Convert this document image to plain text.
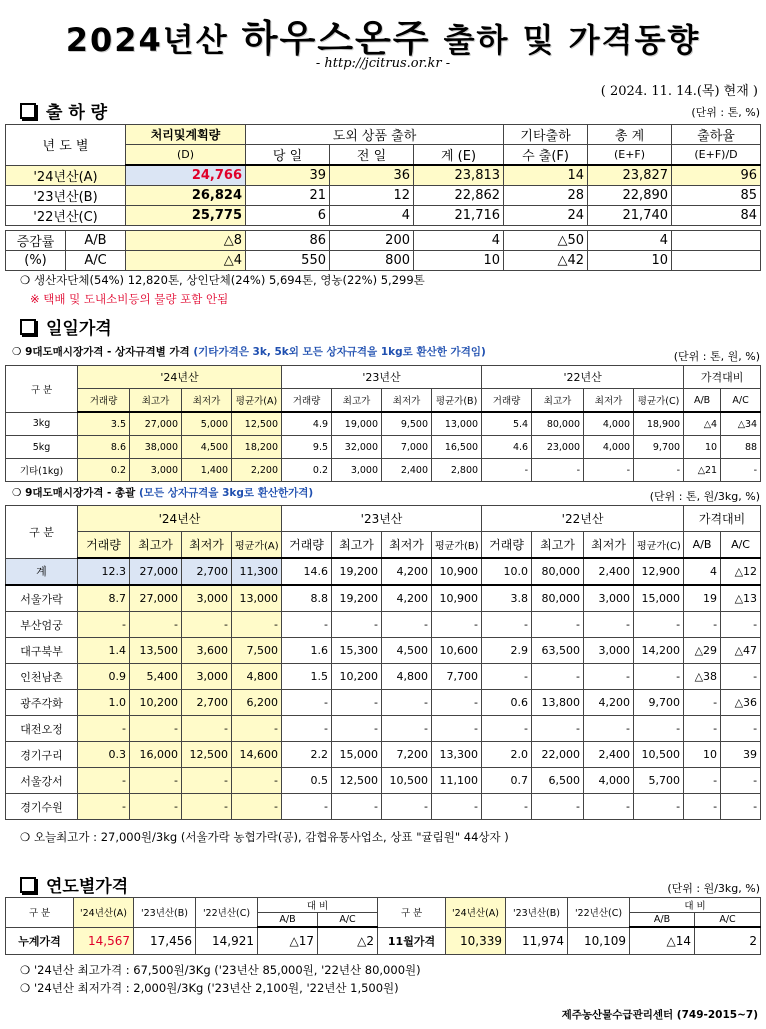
2024년산 하우스온주 출하 및 가격동향
- http://jcitrus.or.kr -
( 2024. 11. 14.(목) 현재 )
출 하 량	(단위 : 톤, %)
년 도 별	처리및계획량	도외 상품 출하			기타출하	총 계	출하율
	(D)	당 일	전 일	계 (E)	수 출(F)	(E+F)	(E+F)/D
'24년산(A)	24,766	39	36	23,813	14	23,827	96
'23년산(B)	26,824	21	12	22,862	28	22,890	85
'22년산(C)	25,775	6	4	21,716	24	21,740	84
증감률	A/B	△8	86	200	4	△50	4	
(%)	A/C	△4	550	800	10	△42	10	
❍ 생산자단체(54%) 12,820톤, 상인단체(24%) 5,694톤, 영농(22%) 5,299톤
※ 택배 및 도내소비등의 물량 포함 안됨
일일가격
❍ 9대도매시장가격 - 상자규격별 가격 (기타가격은 3k, 5k외 모든 상자규격을 1kg로 환산한 가격임)	(단위 : 톤, 원, %)
구 분	'24년산				'23년산				'22년산				가격대비	
	거래량	최고가	최저가	평균가(A)	거래량	최고가	최저가	평균가(B)	거래량	최고가	최저가	평균가(C)	A/B	A/C
3kg	3.5	27,000	5,000	12,500	4.9	19,000	9,500	13,000	5.4	80,000	4,000	18,900	△4	△34
5kg	8.6	38,000	4,500	18,200	9.5	32,000	7,000	16,500	4.6	23,000	4,000	9,700	10	88
기타(1kg)	0.2	3,000	1,400	2,200	0.2	3,000	2,400	2,800	-	-	-	-	△21	-
❍ 9대도매시장가격 - 총괄 (모든 상자규격을 3kg로 환산한가격)	(단위 : 톤, 원/3kg, %)
구 분	'24년산				'23년산				'22년산				가격대비	
	거래량	최고가	최저가	평균가(A)	거래량	최고가	최저가	평균가(B)	거래량	최고가	최저가	평균가(C)	A/B	A/C
계	12.3	27,000	2,700	11,300	14.6	19,200	4,200	10,900	10.0	80,000	2,400	12,900	4	△12
서울가락	8.7	27,000	3,000	13,000	8.8	19,200	4,200	10,900	3.8	80,000	3,000	15,000	19	△13
부산엄궁	-	-	-	-	-	-	-	-	-	-	-	-	-	-
대구북부	1.4	13,500	3,600	7,500	1.6	15,300	4,500	10,600	2.9	63,500	3,000	14,200	△29	△47
인천남촌	0.9	5,400	3,000	4,800	1.5	10,200	4,800	7,700	-	-	-	-	△38	-
광주각화	1.0	10,200	2,700	6,200	-	-	-	-	0.6	13,800	4,200	9,700	-	△36
대전오정	-	-	-	-	-	-	-	-	-	-	-	-	-	-
경기구리	0.3	16,000	12,500	14,600	2.2	15,000	7,200	13,300	2.0	22,000	2,400	10,500	10	39
서울강서	-	-	-	-	0.5	12,500	10,500	11,100	0.7	6,500	4,000	5,700	-	-
경기수원	-	-	-	-	-	-	-	-	-	-	-	-	-	-
❍ 오늘최고가 : 27,000원/3kg (서울가락 농협가락(공), 감협유통사업소, 상표 "귤림원" 44상자 )
연도별가격	(단위 : 원/3kg, %)
구 분	'24년산(A)	'23년산(B)	'22년산(C)	대 비		구 분	'24년산(A)	'23년산(B)	'22년산(C)	대 비	
				A/B	A/C					A/B	A/C
누계가격	14,567	17,456	14,921	△17	△2	11월가격	10,339	11,974	10,109	△14	2
❍ '24년산 최고가격 : 67,500원/3Kg ('23년산 85,000원, '22년산 80,000원)
❍ '24년산 최저가격 : 2,000원/3Kg ('23년산 2,100원, '22년산 1,500원)
제주농산물수급관리센터 (749-2015~7)
